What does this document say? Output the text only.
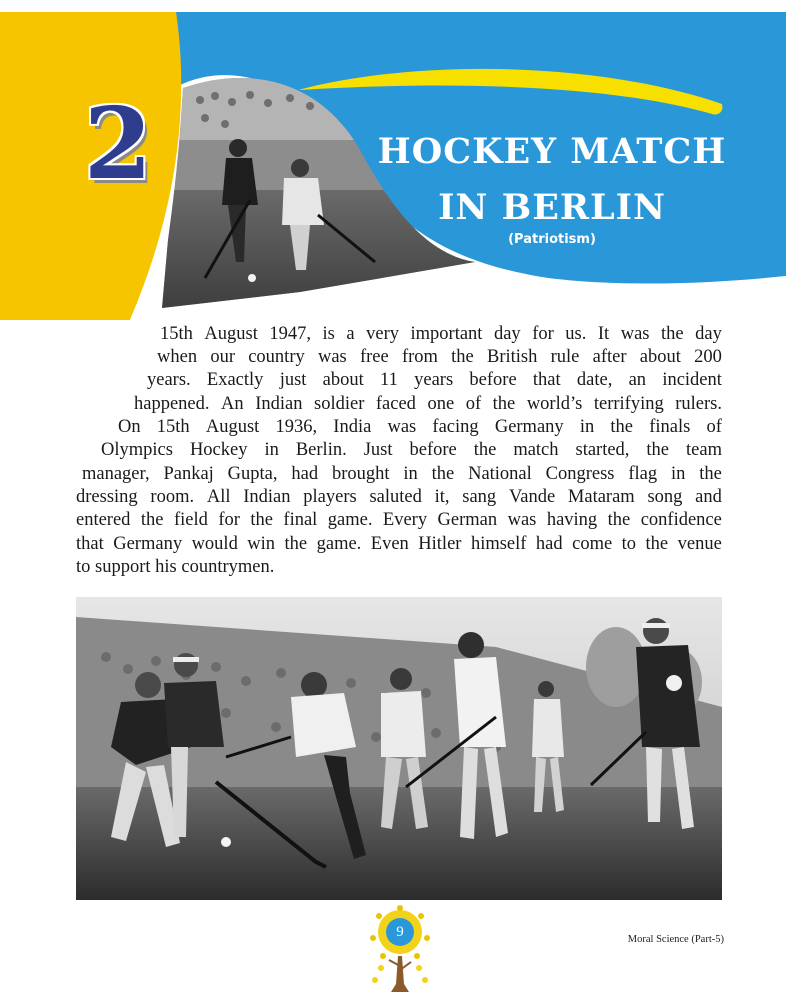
2	HOCKEY MATCH
IN BERLIN
(Patriotism)
15th August 1947, is a very important day for us. It was the day
when our country was free from the British rule after about 200
years. Exactly just about 11 years before that date, an incident
happened. An Indian soldier faced one of the world’s terrifying rulers.
On 15th August 1936, India was facing Germany in the finals of
Olympics Hockey in Berlin. Just before the match started, the team
manager, Pankaj Gupta, had brought in the National Congress flag in the
dressing room. All Indian players saluted it, sang Vande Mataram song and
entered the field for the final game. Every German was having the confidence
that Germany would win the game. Even Hitler himself had come to the venue
to support his countrymen.
9	Moral Science (Part-5)
